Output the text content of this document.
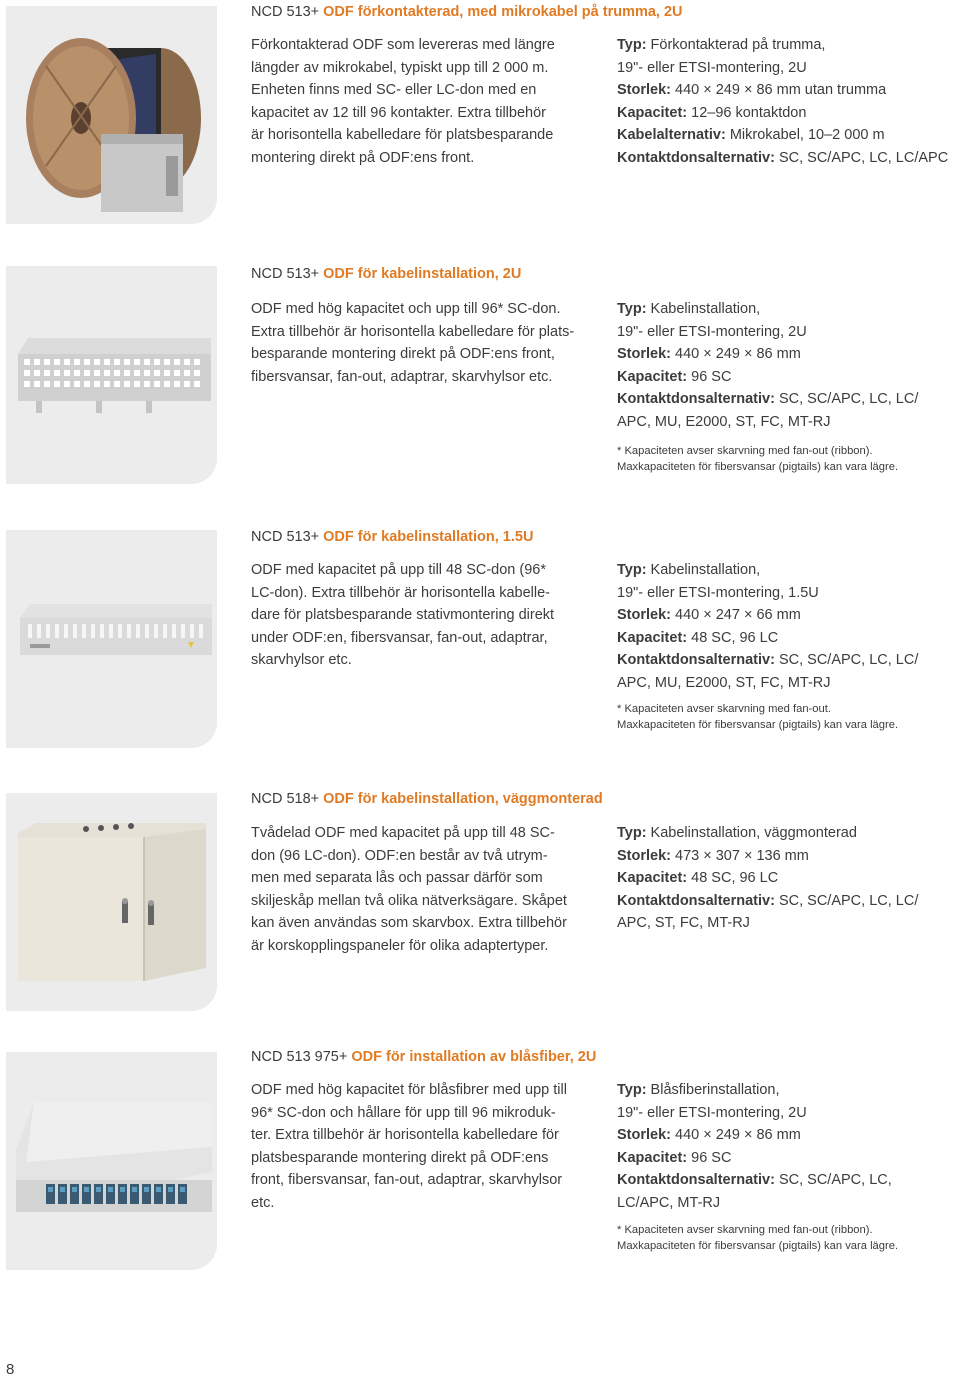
NCD 513+ ODF förkontakterad, med mikrokabel på trumma, 2U
Förkontakterad ODF som levereras med längre
längder av mikrokabel, typiskt upp till 2 000 m.
Enheten finns med SC- eller LC-don med en
kapacitet av 12 till 96 kontakter. Extra tillbehör
är horisontella kabelledare för platsbesparande
montering direkt på ODF:ens front.
Typ: Förkontakterad på trumma,
19"- eller ETSI-montering, 2U
Storlek: 440 × 249 × 86 mm utan trumma
Kapacitet: 12–96 kontaktdon
Kabelalternativ: Mikrokabel, 10–2 000 m
Kontaktdonsalternativ: SC, SC/APC, LC, LC/APC
NCD 513+ ODF för kabelinstallation, 2U
ODF med hög kapacitet och upp till 96* SC-don.
Extra tillbehör är horisontella kabelledare för plats-
besparande montering direkt på ODF:ens front,
fibersvansar, fan-out, adaptrar, skarvhylsor etc.
Typ: Kabelinstallation,
19"- eller ETSI-montering, 2U
Storlek: 440 × 249 × 86 mm
Kapacitet: 96 SC
Kontaktdonsalternativ: SC, SC/APC, LC, LC/
APC, MU, E2000, ST, FC, MT-RJ
* Kapaciteten avser skarvning med fan-out (ribbon).
Maxkapaciteten för fibersvansar (pigtails) kan vara lägre.
NCD 513+ ODF för kabelinstallation, 1.5U
ODF med kapacitet på upp till 48 SC-don (96*
LC-don). Extra tillbehör är horisontella kabelle-
dare för platsbesparande stativmontering direkt
under ODF:en, fibersvansar, fan-out, adaptrar,
skarvhylsor etc.
Typ: Kabelinstallation,
19"- eller ETSI-montering, 1.5U
Storlek: 440 × 247 × 66 mm
Kapacitet: 48 SC, 96 LC
Kontaktdonsalternativ: SC, SC/APC, LC, LC/
APC, MU, E2000, ST, FC, MT-RJ
* Kapaciteten avser skarvning med fan-out.
Maxkapaciteten för fibersvansar (pigtails) kan vara lägre.
NCD 518+ ODF för kabelinstallation, väggmonterad
Tvådelad ODF med kapacitet på upp till 48 SC-
don (96 LC-don). ODF:en består av två utrym-
men med separata lås och passar därför som
skiljeskåp mellan två olika nätverksägare. Skåpet
kan även användas som skarvbox. Extra tillbehör
är korskopplingspaneler för olika adaptertyper.
Typ: Kabelinstallation, väggmonterad
Storlek: 473 × 307 × 136 mm
Kapacitet: 48 SC, 96 LC
Kontaktdonsalternativ: SC, SC/APC, LC, LC/
APC, ST, FC, MT-RJ
NCD 513 975+ ODF för installation av blåsfiber, 2U
ODF med hög kapacitet för blåsfibrer med upp till
96* SC-don och hållare för upp till 96 mikroduk-
ter. Extra tillbehör är horisontella kabelledare för
platsbesparande montering direkt på ODF:ens
front, fibersvansar, fan-out, adaptrar, skarvhylsor
etc.
Typ: Blåsfiberinstallation,
19"- eller ETSI-montering, 2U
Storlek: 440 × 249 × 86 mm
Kapacitet: 96 SC
Kontaktdonsalternativ: SC, SC/APC, LC,
LC/APC, MT-RJ
* Kapaciteten avser skarvning med fan-out (ribbon).
Maxkapaciteten för fibersvansar (pigtails) kan vara lägre.
8
